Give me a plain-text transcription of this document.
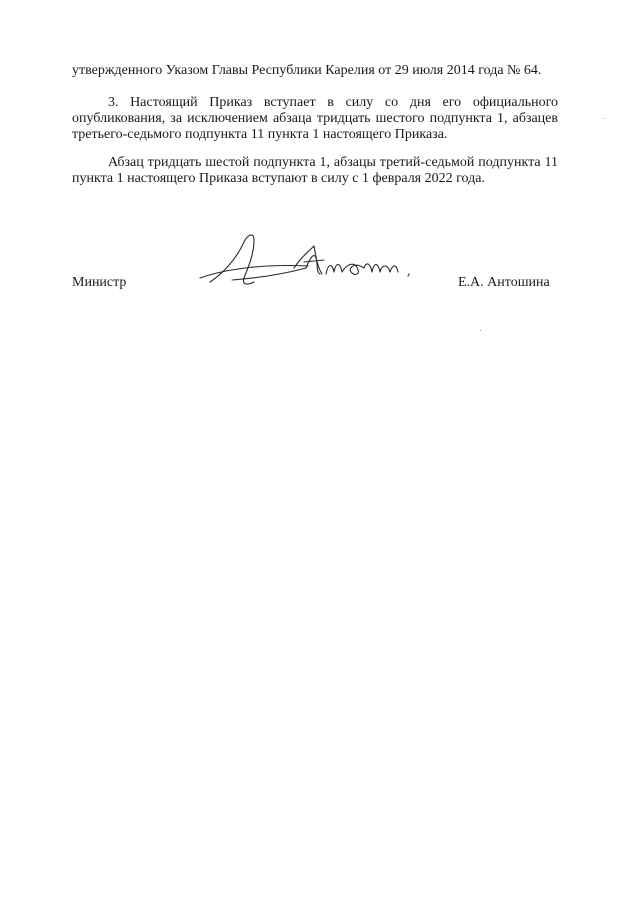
утвержденного Указом Главы Республики Карелия от 29 июля 2014 года № 64.

3. Настоящий Приказ вступает в силу со дня его официального опубликования, за исключением абзаца тридцать шестого подпункта 1, абзацев третьего-седьмого подпункта 11 пункта 1 настоящего Приказа.

Абзац тридцать шестой подпункта 1, абзацы третий-седьмой подпункта 11 пункта 1 настоящего Приказа вступают в силу с 1 февраля 2022 года.

Министр	Е.А. Антошина
